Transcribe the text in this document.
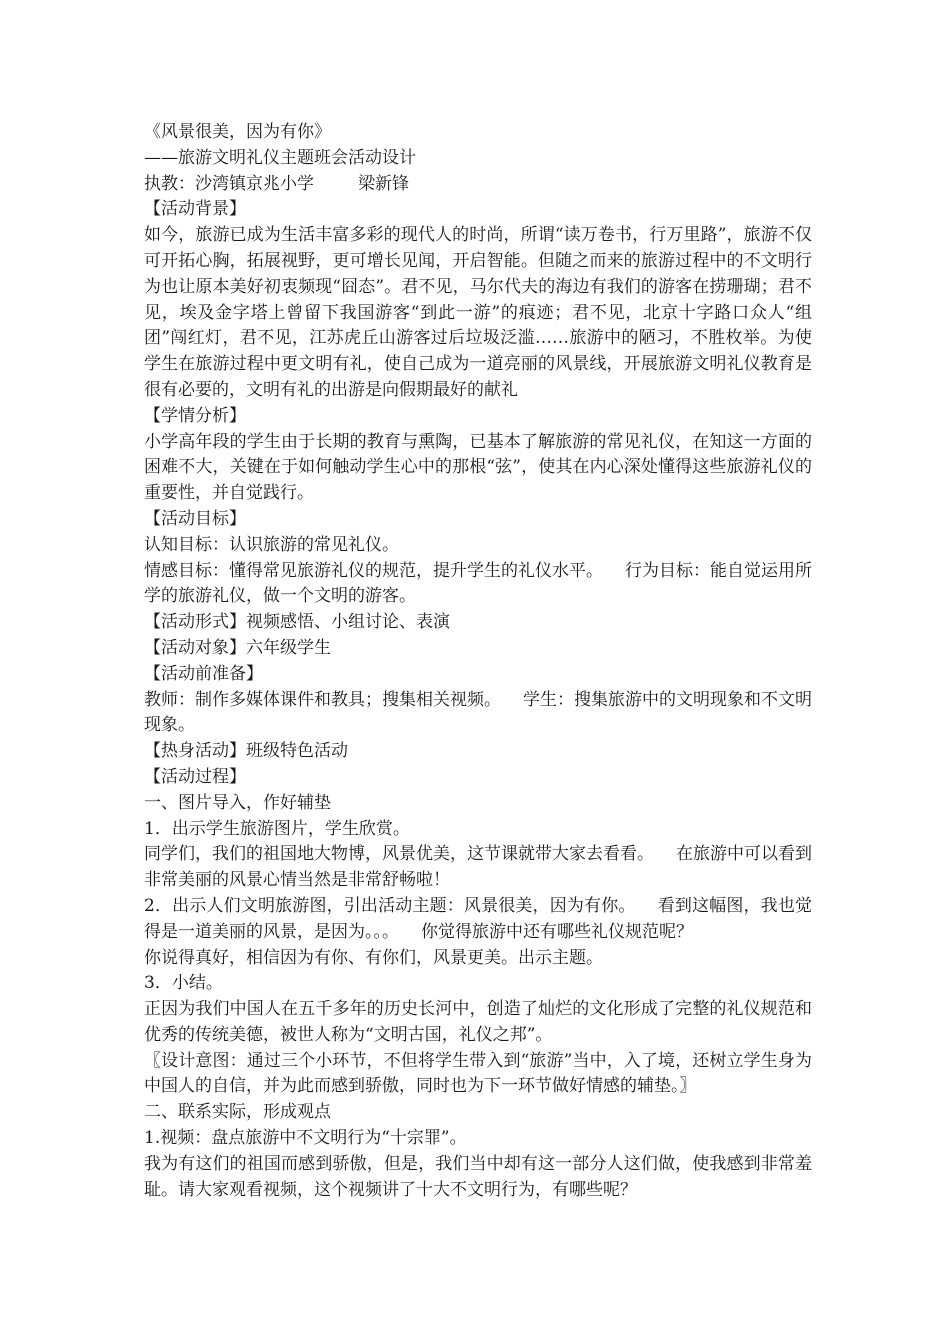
《风景很美，因为有你》

——旅游文明礼仪主题班会活动设计

执教：沙湾镇京兆小学	梁新锋

【活动背景】

如今，旅游已成为生活丰富多彩的现代人的时尚，所谓“读万卷书，行万里路”，旅游不仅可开拓心胸，拓展视野，更可增长见闻，开启智能。但随之而来的旅游过程中的不文明行为也让原本美好初衷频现“囧态”。君不见，马尔代夫的海边有我们的游客在捞珊瑚；君不见，埃及金字塔上曾留下我国游客“到此一游”的痕迹；君不见，北京十字路口众人“组团”闯红灯，君不见，江苏虎丘山游客过后垃圾泛滥……旅游中的陋习，不胜枚举。为使学生在旅游过程中更文明有礼，使自己成为一道亮丽的风景线，开展旅游文明礼仪教育是很有必要的，文明有礼的出游是向假期最好的献礼

【学情分析】

小学高年段的学生由于长期的教育与熏陶，已基本了解旅游的常见礼仪，在知这一方面的困难不大，关键在于如何触动学生心中的那根“弦”，使其在内心深处懂得这些旅游礼仪的重要性，并自觉践行。

【活动目标】

认知目标：认识旅游的常见礼仪。

情感目标：懂得常见旅游礼仪的规范，提升学生的礼仪水平。 行为目标：能自觉运用所学的旅游礼仪，做一个文明的游客。

【活动形式】视频感悟、小组讨论、表演

【活动对象】六年级学生

【活动前准备】

教师：制作多媒体课件和教具；搜集相关视频。 学生：搜集旅游中的文明现象和不文明现象。

【热身活动】班级特色活动

【活动过程】

一、图片导入，作好辅垫

1．出示学生旅游图片，学生欣赏。

同学们，我们的祖国地大物博，风景优美，这节课就带大家去看看。 在旅游中可以看到非常美丽的风景心情当然是非常舒畅啦！

2．出示人们文明旅游图，引出活动主题：风景很美，因为有你。 看到这幅图，我也觉得是一道美丽的风景，是因为。。。 你觉得旅游中还有哪些礼仪规范呢？

你说得真好，相信因为有你、有你们，风景更美。出示主题。

3．小结。

正因为我们中国人在五千多年的历史长河中，创造了灿烂的文化形成了完整的礼仪规范和优秀的传统美德，被世人称为“文明古国，礼仪之邦”。

〖设计意图：通过三个小环节，不但将学生带入到“旅游”当中，入了境，还树立学生身为中国人的自信，并为此而感到骄傲，同时也为下一环节做好情感的辅垫。〗

二、联系实际，形成观点

1.视频：盘点旅游中不文明行为“十宗罪”。

我为有这们的祖国而感到骄傲，但是，我们当中却有这一部分人这们做，使我感到非常羞耻。请大家观看视频，这个视频讲了十大不文明行为，有哪些呢？
